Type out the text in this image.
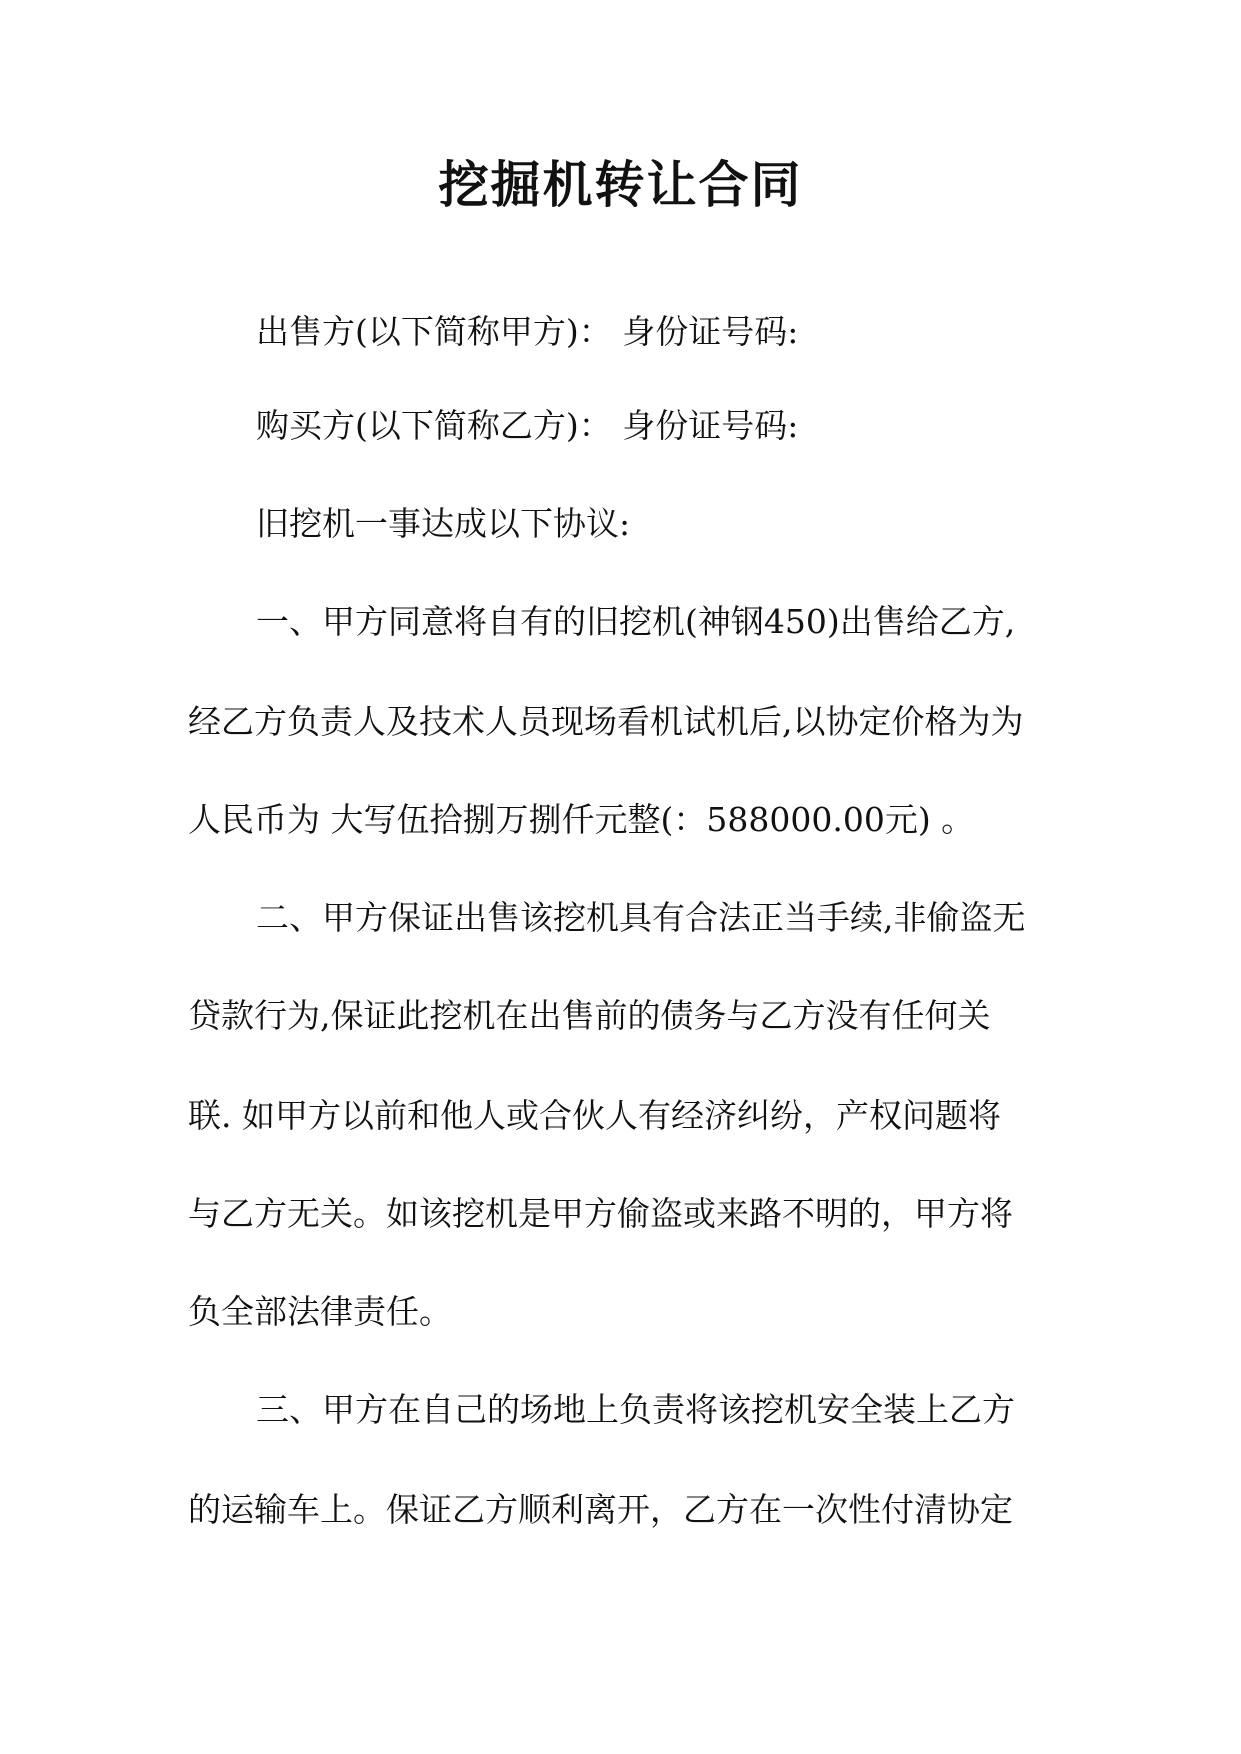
挖掘机转让合同
出售方(以下简称甲方)： 身份证号码:
购买方(以下简称乙方)： 身份证号码:
旧挖机一事达成以下协议:
一、甲方同意将自有的旧挖机(神钢450)出售给乙方,
经乙方负责人及技术人员现场看机试机后,以协定价格为为
人民币为 大写伍拾捌万捌仟元整(：588000.00元) 。
二、甲方保证出售该挖机具有合法正当手续,非偷盗无
贷款行为,保证此挖机在出售前的债务与乙方没有任何关
联. 如甲方以前和他人或合伙人有经济纠纷，产权问题将
与乙方无关。如该挖机是甲方偷盗或来路不明的，甲方将
负全部法律责任。
三、甲方在自己的场地上负责将该挖机安全装上乙方
的运输车上。保证乙方顺利离开，乙方在一次性付清协定
